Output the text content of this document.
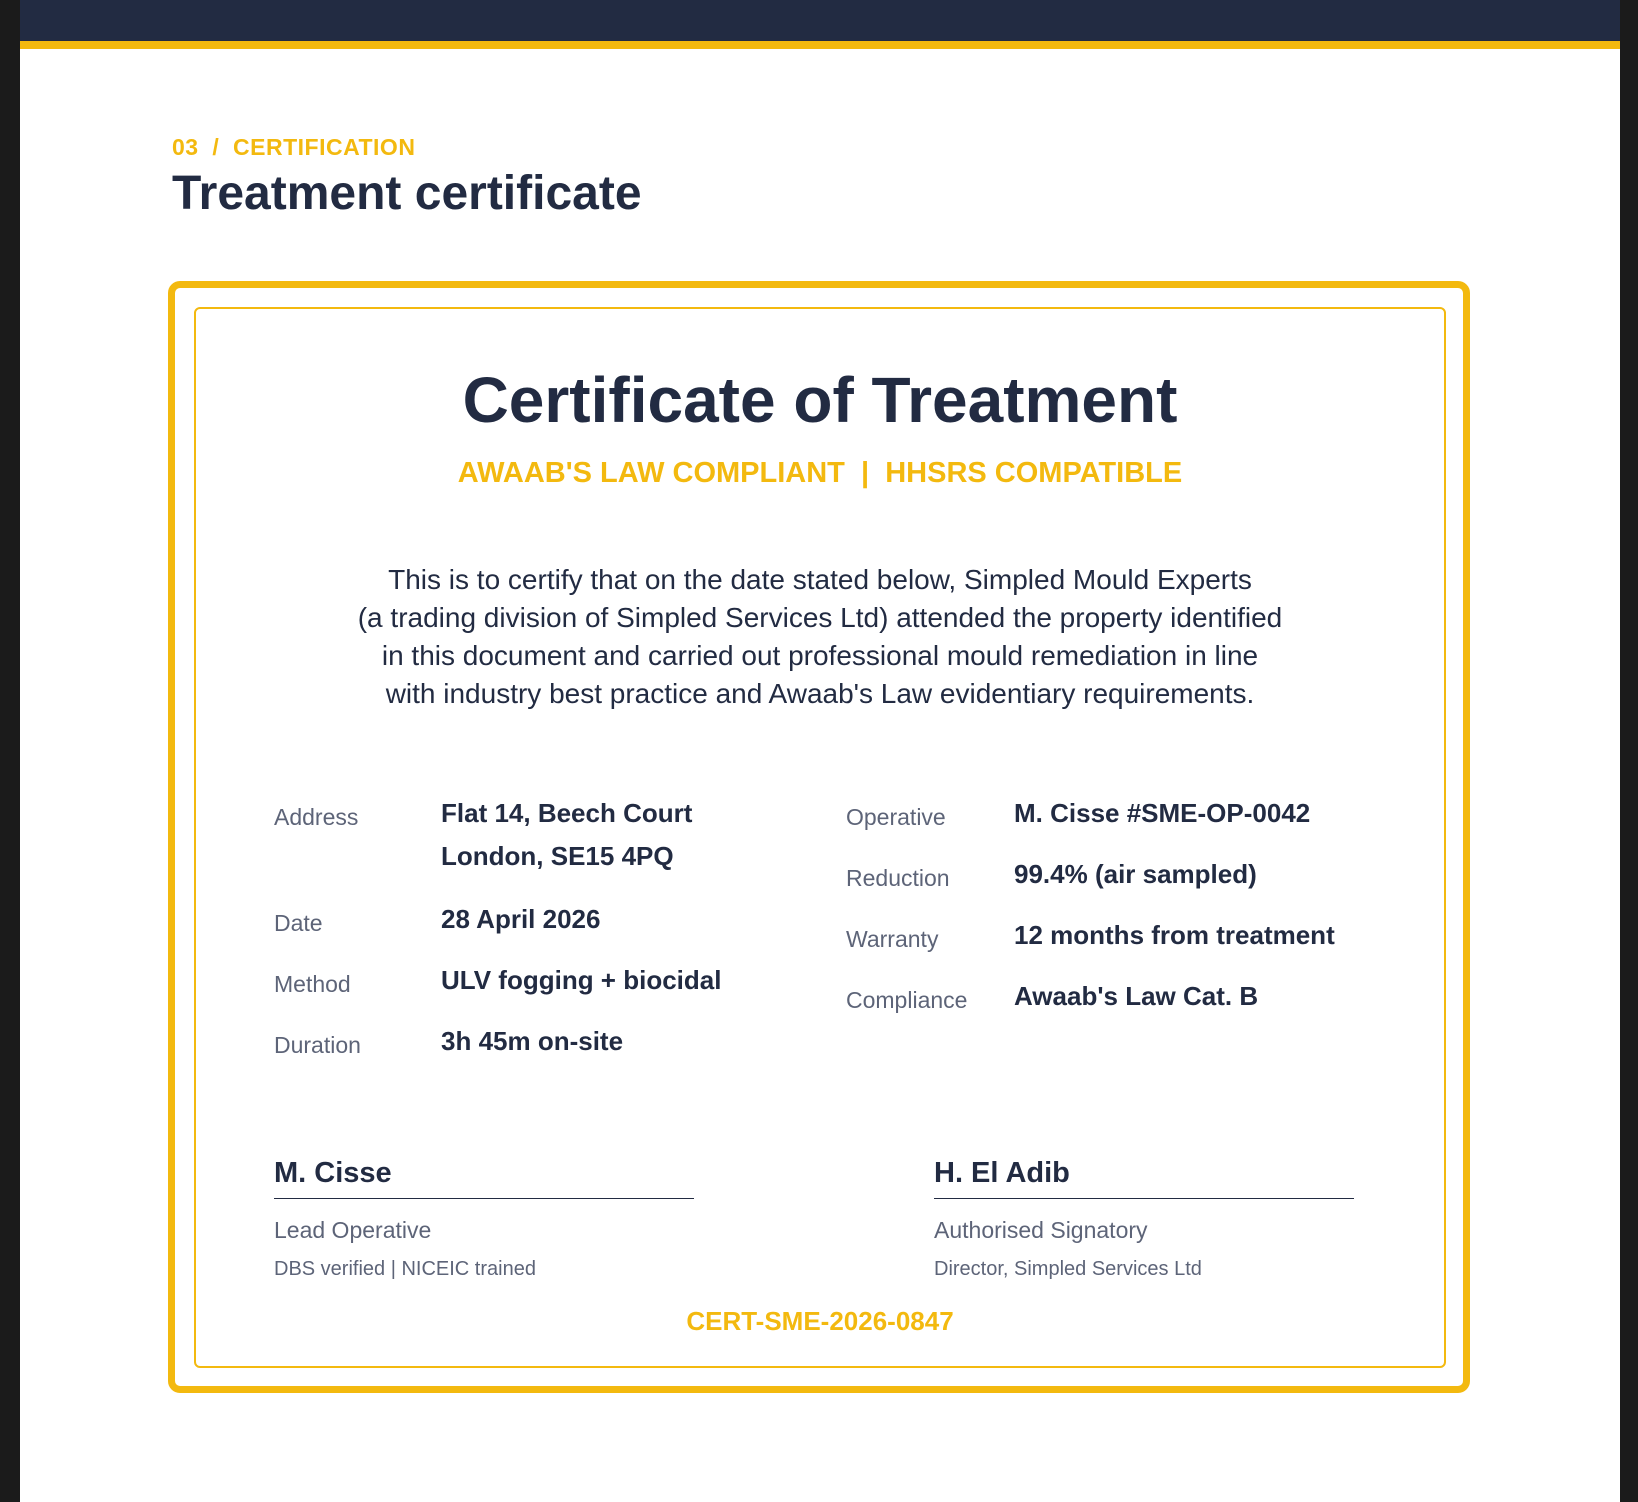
03  /  CERTIFICATION
Treatment certificate
Certificate of Treatment
AWAAB'S LAW COMPLIANT  |  HHSRS COMPATIBLE
This is to certify that on the date stated below, Simpled Mould Experts
(a trading division of Simpled Services Ltd) attended the property identified
in this document and carried out professional mould remediation in line
with industry best practice and Awaab's Law evidentiary requirements.
Address	Flat 14, Beech Court
London, SE15 4PQ
Date	28 April 2026
Method	ULV fogging + biocidal
Duration	3h 45m on-site
Operative	M. Cisse #SME-OP-0042
Reduction 99.4% (air sampled)
Warranty	12 months from treatment
Compliance Awaab's Law Cat. B
M. Cisse
Lead Operative
DBS verified | NICEIC trained
H. El Adib
Authorised Signatory
Director, Simpled Services Ltd
CERT-SME-2026-0847
